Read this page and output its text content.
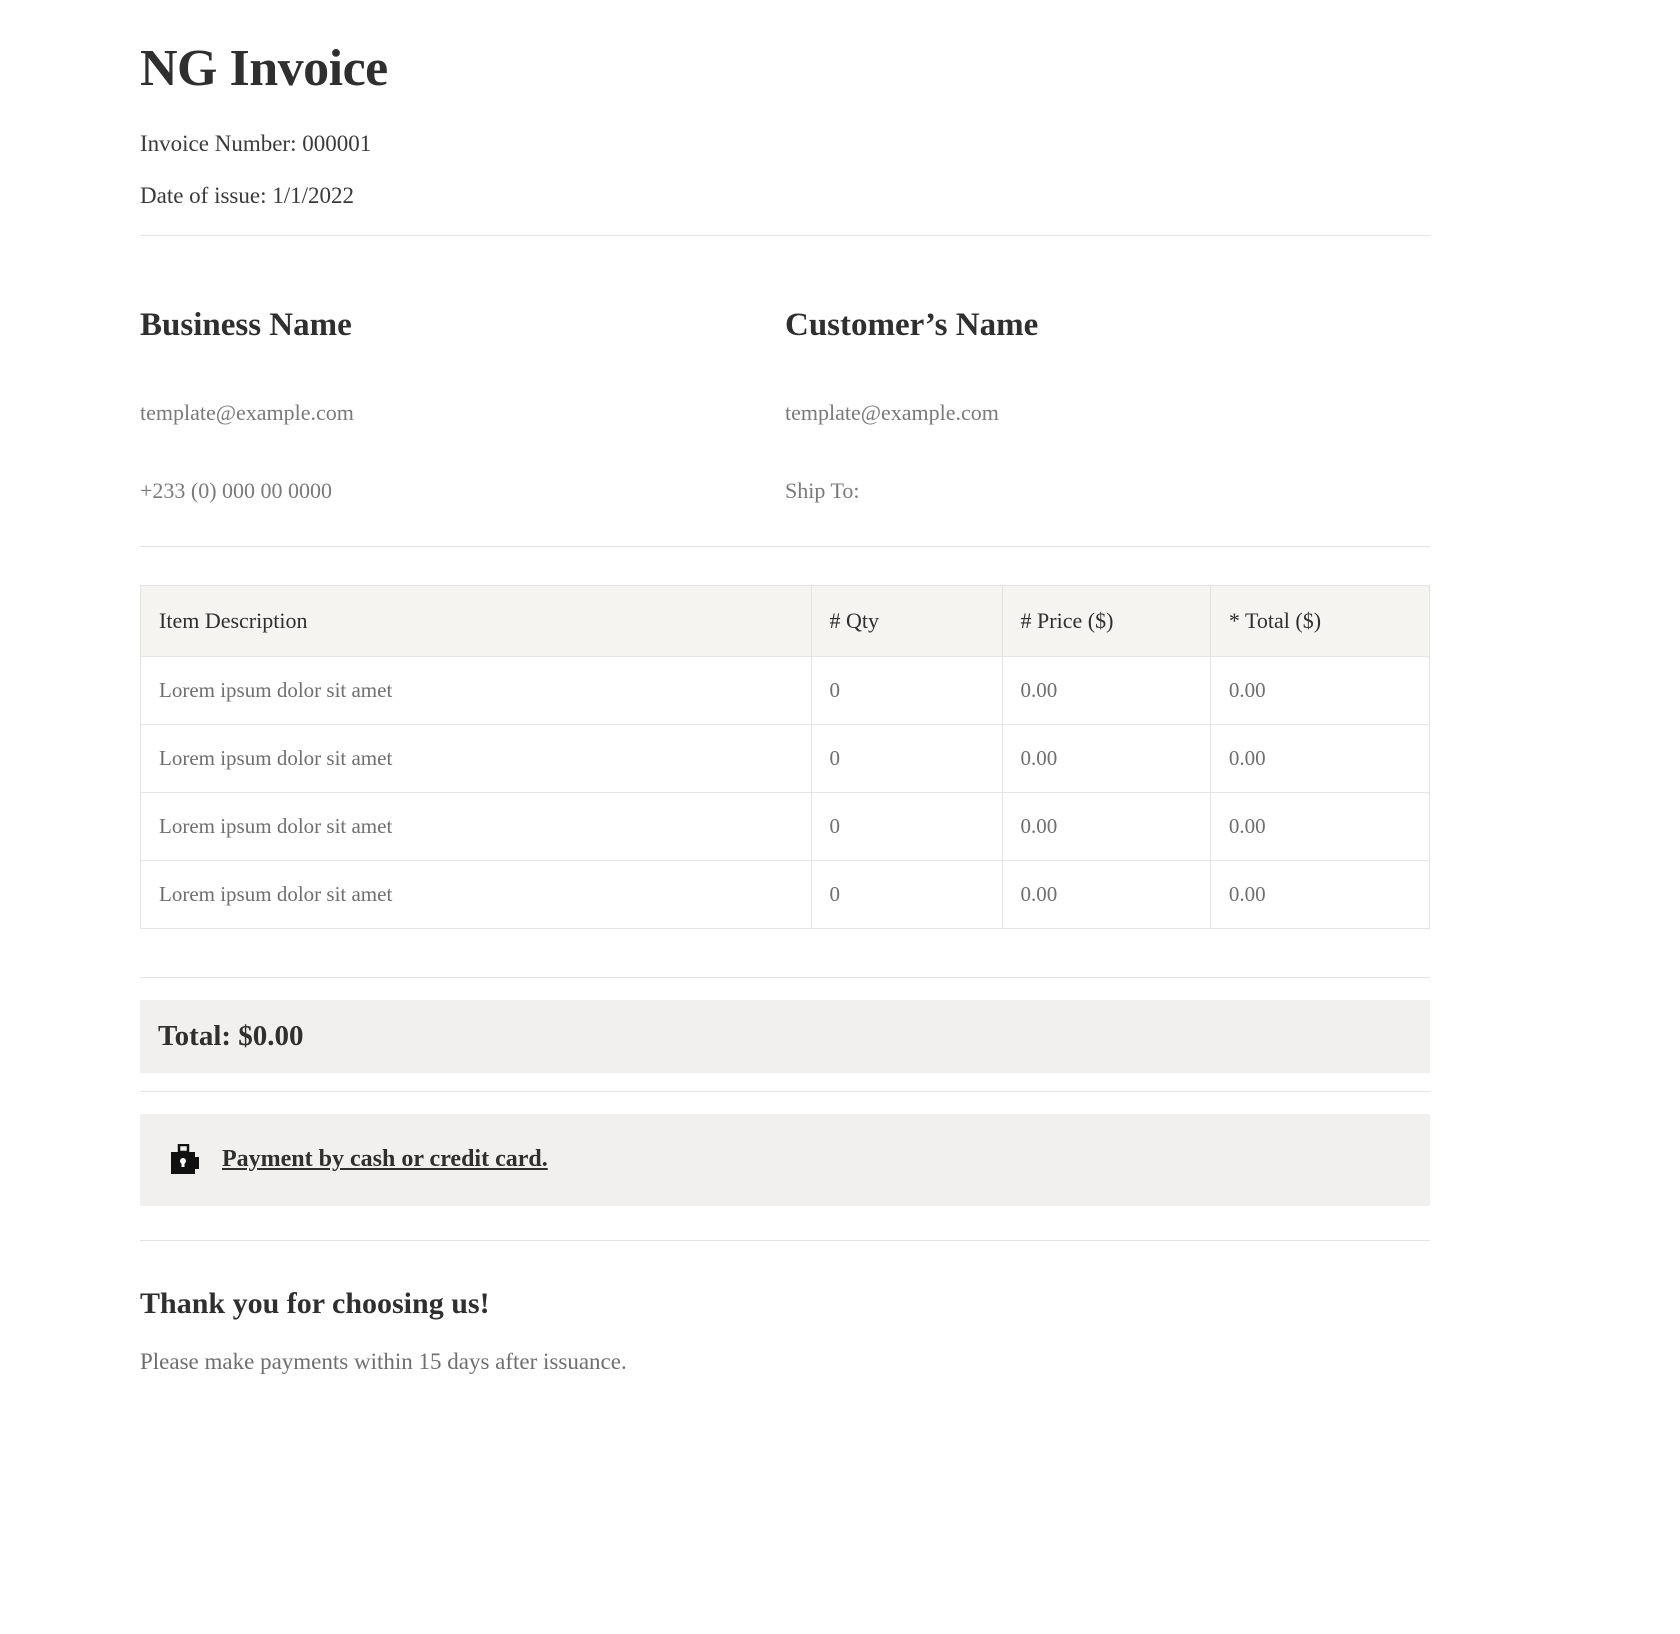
NG Invoice

Invoice Number: 000001

Date of issue: 1/1/2022

Business Name

template@example.com

+233 (0) 000 00 0000

Customer’s Name

template@example.com

Ship To:

Item Description	# Qty	# Price ($)	* Total ($)
Lorem ipsum dolor sit amet	0	0.00	0.00
Lorem ipsum dolor sit amet	0	0.00	0.00
Lorem ipsum dolor sit amet	0	0.00	0.00
Lorem ipsum dolor sit amet	0	0.00	0.00
Total: $0.00
Payment by cash or credit card.
Thank you for choosing us!

Please make payments within 15 days after issuance.
